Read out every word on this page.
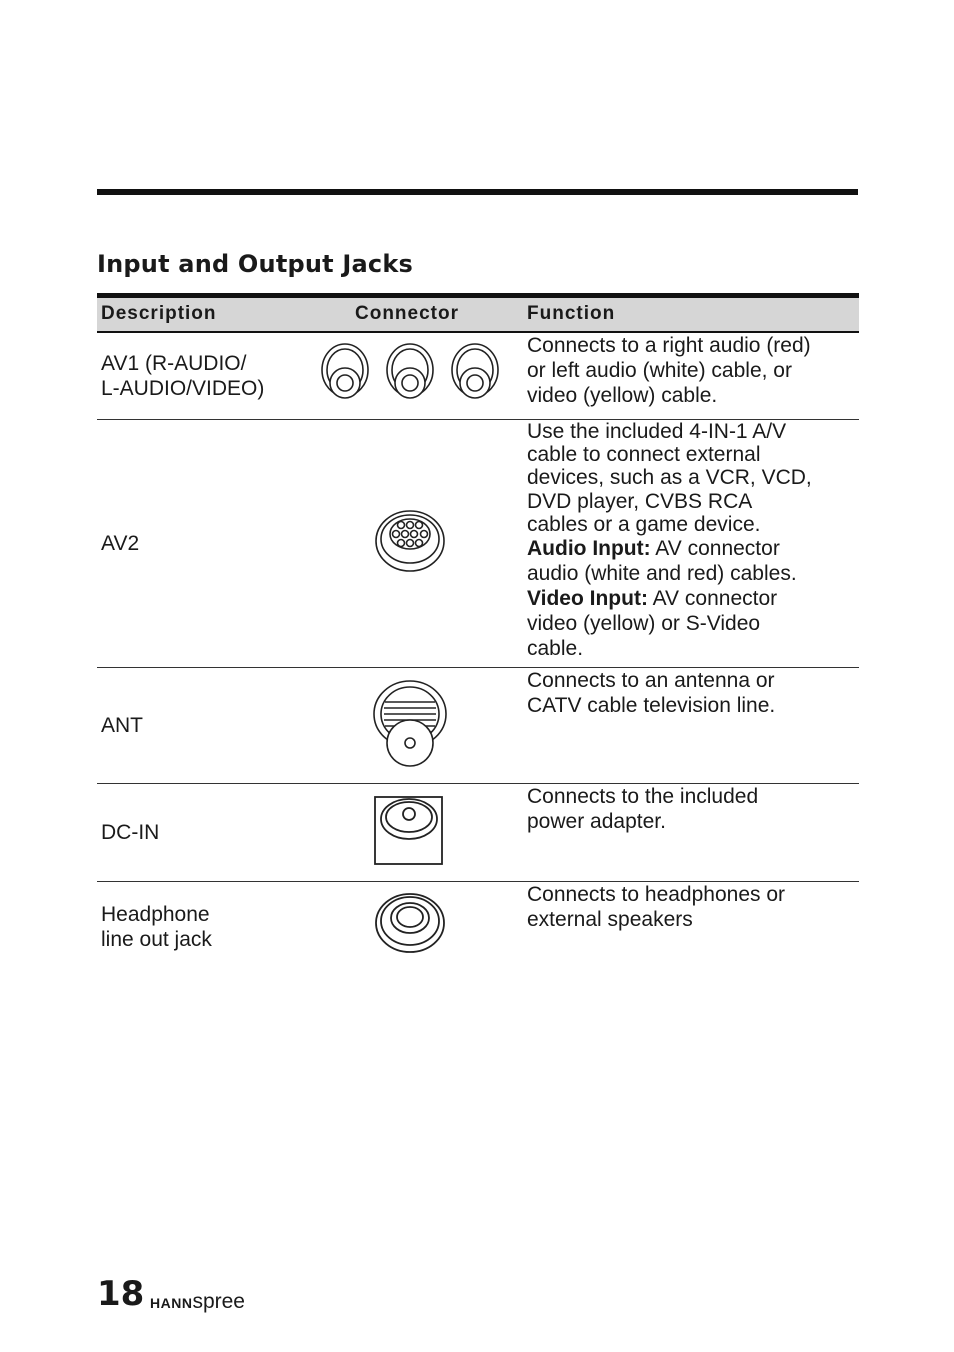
Input and Output Jacks
Description	Connector	Function
AV1 (R-AUDIO/
L-AUDIO/VIDEO)
Connects to a right audio (red)
or left audio (white) cable, or
video (yellow) cable.
AV2
Use the included 4-IN-1 A/V
cable to connect external
devices, such as a VCR, VCD,
DVD player, CVBS RCA
cables or a game device.

Audio Input: AV connector

audio (white and red) cables.

Video Input: AV connector

video (yellow) or S-Video
cable.
ANT
Connects to an antenna or
CATV cable television line.
DC-IN
Connects to the included
power adapter.
Headphone
line out jack
Connects to headphones or
external speakers
18 HANNspree
